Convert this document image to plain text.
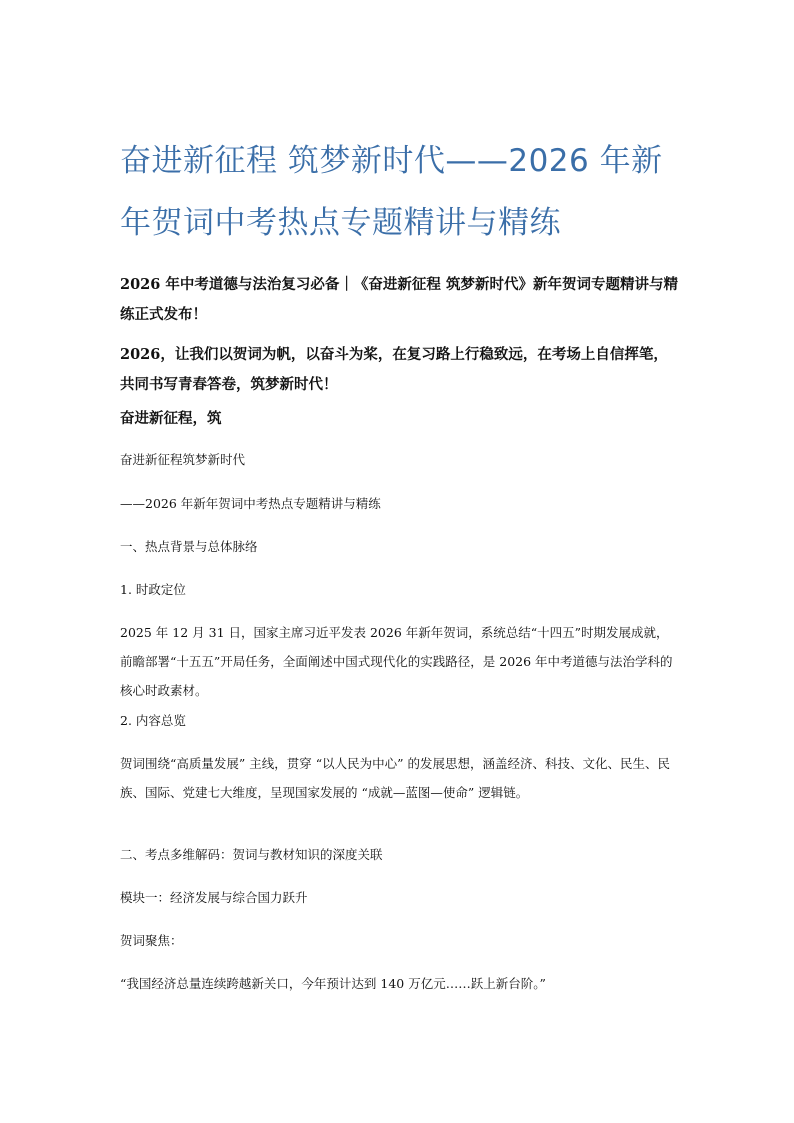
奋进新征程 筑梦新时代——2026 年新年贺词中考热点专题精讲与精练

2026 年中考道德与法治复习必备｜《奋进新征程 筑梦新时代》新年贺词专题精讲与精练正式发布！

2026，让我们以贺词为帆，以奋斗为桨，在复习路上行稳致远，在考场上自信挥笔，共同书写青春答卷，筑梦新时代！

奋进新征程，筑

奋进新征程筑梦新时代

——2026 年新年贺词中考热点专题精讲与精练

一、热点背景与总体脉络

1. 时政定位

2025 年 12 月 31 日，国家主席习近平发表 2026 年新年贺词，系统总结“十四五”时期发展成就，前瞻部署“十五五”开局任务，全面阐述中国式现代化的实践路径，是 2026 年中考道德与法治学科的核心时政素材。

2. 内容总览

贺词围绕“高质量发展” 主线，贯穿 “以人民为中心” 的发展思想，涵盖经济、科技、文化、民生、民族、国际、党建七大维度，呈现国家发展的 “成就—蓝图—使命” 逻辑链。

二、考点多维解码：贺词与教材知识的深度关联

模块一：经济发展与综合国力跃升

贺词聚焦：

“我国经济总量连续跨越新关口，今年预计达到 140 万亿元……跃上新台阶。”
